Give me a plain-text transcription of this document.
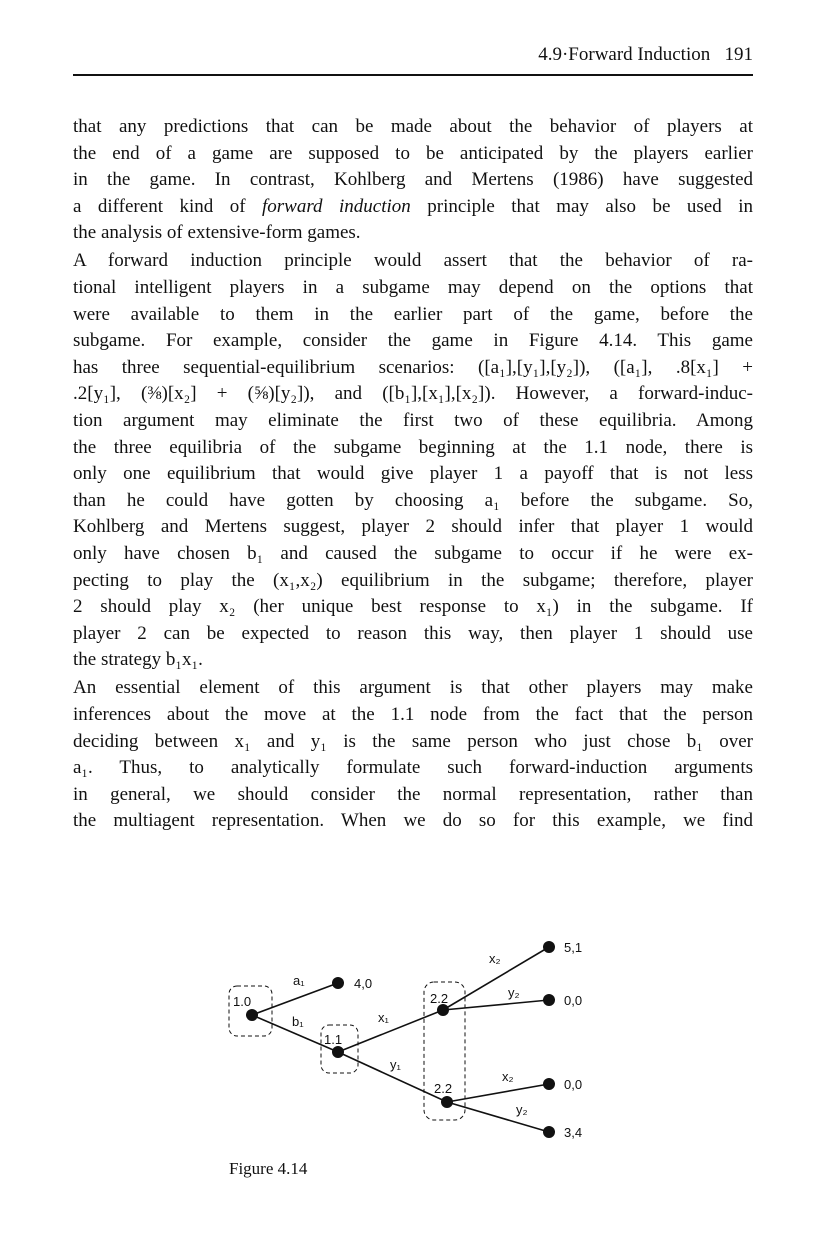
4.9·Forward Induction 191
that any predictions that can be made about the behavior of players at
the end of a game are supposed to be anticipated by the players earlier
in the game. In contrast, Kohlberg and Mertens (1986) have suggested
a different kind of forward induction principle that may also be used in
the analysis of extensive-form games.
A forward induction principle would assert that the behavior of ra-
tional intelligent players in a subgame may depend on the options that
were available to them in the earlier part of the game, before the
subgame. For example, consider the game in Figure 4.14. This game
has three sequential-equilibrium scenarios: ([a₁],[y₁],[y₂]), ([a₁], .8[x₁] +
.2[y₁], (⅜)[x₂] + (⅝)[y₂]), and ([b₁],[x₁],[x₂]). However, a forward-induc-
tion argument may eliminate the first two of these equilibria. Among
the three equilibria of the subgame beginning at the 1.1 node, there is
only one equilibrium that would give player 1 a payoff that is not less
than he could have gotten by choosing a₁ before the subgame. So,
Kohlberg and Mertens suggest, player 2 should infer that player 1 would
only have chosen b₁ and caused the subgame to occur if he were ex-
pecting to play the (x₁,x₂) equilibrium in the subgame; therefore, player
2 should play x₂ (her unique best response to x₁) in the subgame. If
player 2 can be expected to reason this way, then player 1 should use
the strategy b₁x₁.
An essential element of this argument is that other players may make
inferences about the move at the 1.1 node from the fact that the person
deciding between x₁ and y₁ is the same person who just chose b₁ over
a₁. Thus, to analytically formulate such forward-induction arguments
in general, we should consider the normal representation, rather than
the multiagent representation. When we do so for this example, we find
1.0
1.1
2.2
2.2
a₁
b₁	x₁
y₁
x₂
y₂
x₂
y₂
4,0
5,1
0,0
0,0
3,4
Figure 4.14
